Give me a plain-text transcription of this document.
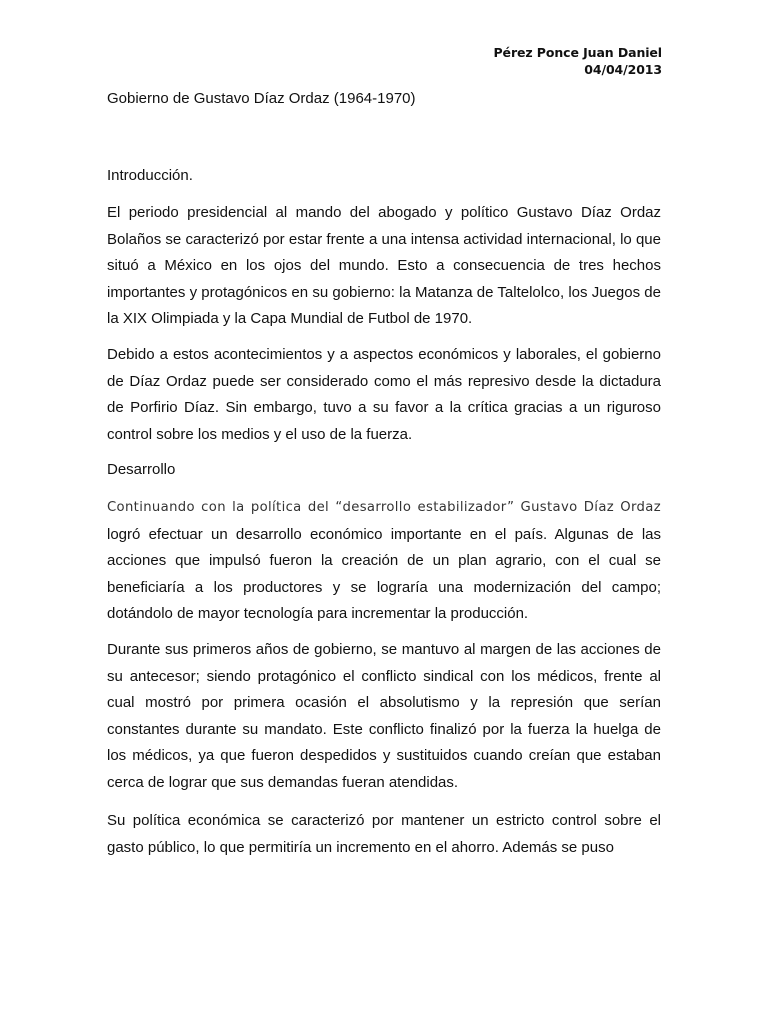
Pérez Ponce Juan Daniel
04/04/2013
Gobierno de Gustavo Díaz Ordaz (1964-1970)
Introducción.

El periodo presidencial al mando del abogado y político Gustavo Díaz Ordaz Bolaños se caracterizó por estar frente a una intensa actividad internacional, lo que situó a México en los ojos del mundo. Esto a consecuencia de tres hechos importantes y protagónicos en su gobierno: la Matanza de Taltelolco, los Juegos de la XIX Olimpiada y la Capa Mundial de Futbol de 1970.

Debido a estos acontecimientos y a aspectos económicos y laborales, el gobierno de Díaz Ordaz puede ser considerado como el más represivo desde la dictadura de Porfirio Díaz. Sin embargo, tuvo a su favor a la crítica gracias a un riguroso control sobre los medios y el uso de la fuerza.

Desarrollo

Continuando con la política del “desarrollo estabilizador” Gustavo Díaz Ordaz logró efectuar un desarrollo económico importante en el país. Algunas de las acciones que impulsó fueron la creación de un plan agrario, con el cual se beneficiaría a los productores y se lograría una modernización del campo; dotándolo de mayor tecnología para incrementar la producción.

Durante sus primeros años de gobierno, se mantuvo al margen de las acciones de su antecesor; siendo protagónico el conflicto sindical con los médicos, frente al cual mostró por primera ocasión el absolutismo y la represión que serían constantes durante su mandato. Este conflicto finalizó por la fuerza la huelga de los médicos, ya que fueron despedidos y sustituidos cuando creían que estaban cerca de lograr que sus demandas fueran atendidas.

Su política económica se caracterizó por mantener un estricto control sobre el gasto público, lo que permitiría un incremento en el ahorro. Además se puso
